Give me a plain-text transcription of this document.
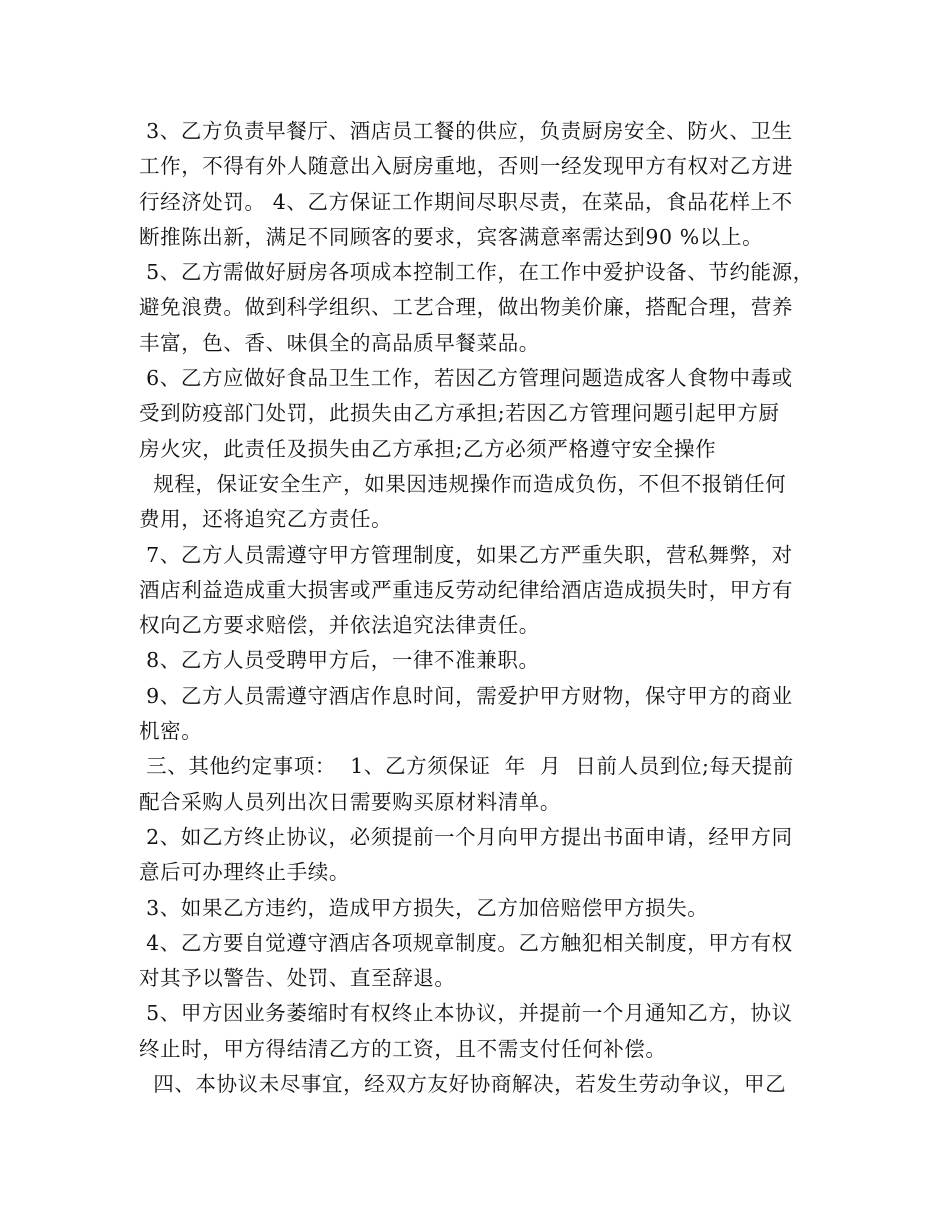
3、乙方负责早餐厅、酒店员工餐的供应，负责厨房安全、防火、卫生
工作，不得有外人随意出入厨房重地，否则一经发现甲方有权对乙方进
行经济处罚。 4、乙方保证工作期间尽职尽责，在菜品，食品花样上不
断推陈出新，满足不同顾客的要求，宾客满意率需达到90 %以上。
5、乙方需做好厨房各项成本控制工作，在工作中爱护设备、节约能源，
避免浪费。做到科学组织、工艺合理，做出物美价廉，搭配合理，营养
丰富，色、香、味俱全的高品质早餐菜品。
6、乙方应做好食品卫生工作，若因乙方管理问题造成客人食物中毒或
受到防疫部门处罚，此损失由乙方承担;若因乙方管理问题引起甲方厨
房火灾，此责任及损失由乙方承担;乙方必须严格遵守安全操作
规程，保证安全生产，如果因违规操作而造成负伤，不但不报销任何
费用，还将追究乙方责任。
7、乙方人员需遵守甲方管理制度，如果乙方严重失职，营私舞弊，对
酒店利益造成重大损害或严重违反劳动纪律给酒店造成损失时，甲方有
权向乙方要求赔偿，并依法追究法律责任。
8、乙方人员受聘甲方后，一律不准兼职。
9、乙方人员需遵守酒店作息时间，需爱护甲方财物，保守甲方的商业
机密。
三、其他约定事项：  1、乙方须保证  年  月  日前人员到位;每天提前
配合采购人员列出次日需要购买原材料清单。
2、如乙方终止协议，必须提前一个月向甲方提出书面申请，经甲方同
意后可办理终止手续。
3、如果乙方违约，造成甲方损失，乙方加倍赔偿甲方损失。
4、乙方要自觉遵守酒店各项规章制度。乙方触犯相关制度，甲方有权
对其予以警告、处罚、直至辞退。
5、甲方因业务萎缩时有权终止本协议，并提前一个月通知乙方，协议
终止时，甲方得结清乙方的工资，且不需支付任何补偿。
四、本协议未尽事宜，经双方友好协商解决，若发生劳动争议，甲乙
